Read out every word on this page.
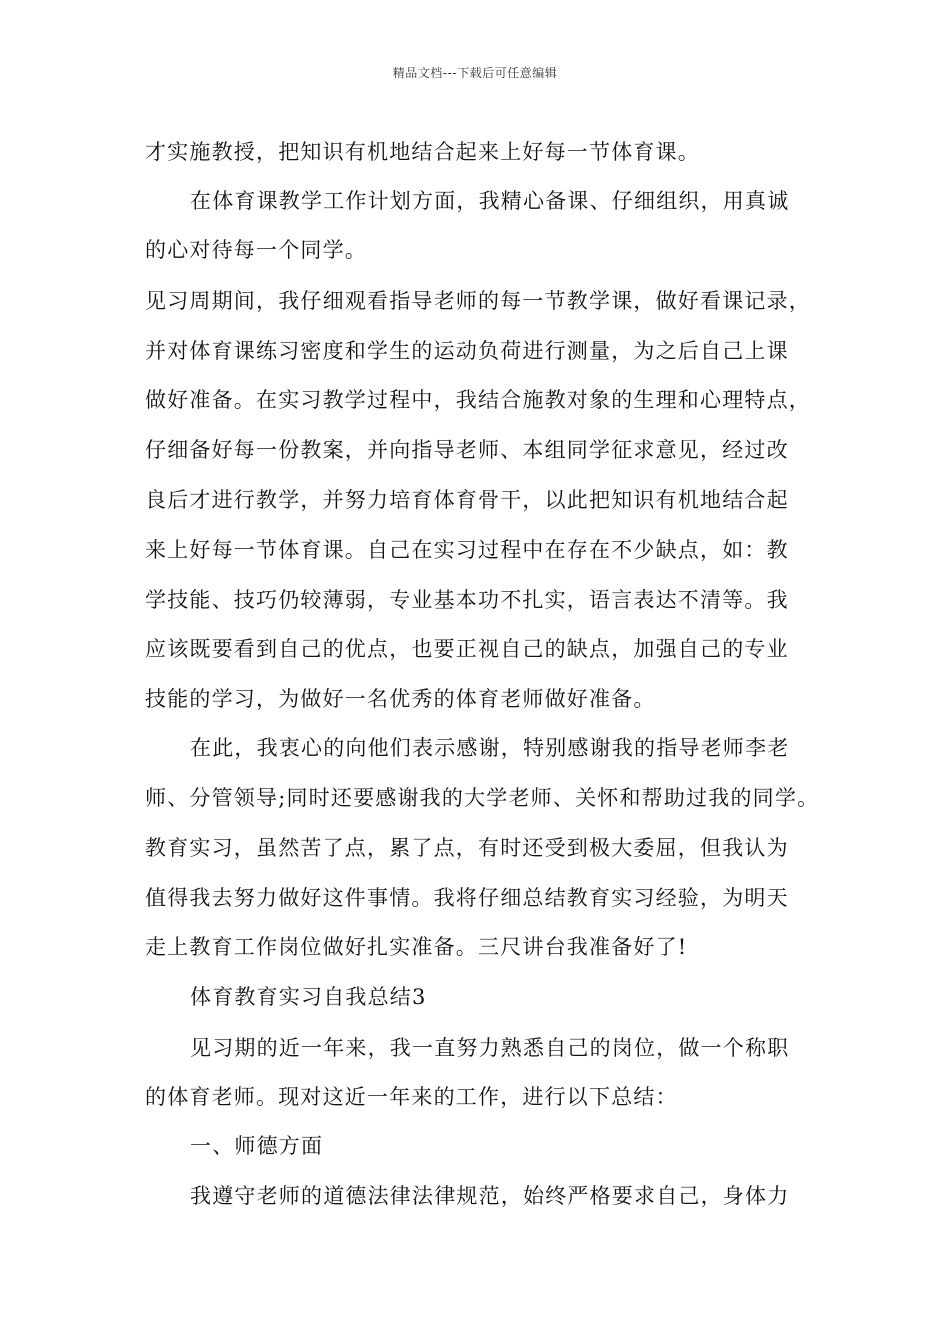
精品文档---下载后可任意编辑
才实施教授，把知识有机地结合起来上好每一节体育课。
在体育课教学工作计划方面，我精心备课、仔细组织，用真诚
的心对待每一个同学。
见习周期间，我仔细观看指导老师的每一节教学课，做好看课记录，
并对体育课练习密度和学生的运动负荷进行测量，为之后自己上课
做好准备。在实习教学过程中，我结合施教对象的生理和心理特点，
仔细备好每一份教案，并向指导老师、本组同学征求意见，经过改
良后才进行教学，并努力培育体育骨干，以此把知识有机地结合起
来上好每一节体育课。自己在实习过程中在存在不少缺点，如：教
学技能、技巧仍较薄弱，专业基本功不扎实，语言表达不清等。我
应该既要看到自己的优点，也要正视自己的缺点，加强自己的专业
技能的学习，为做好一名优秀的体育老师做好准备。
在此，我衷心的向他们表示感谢，特别感谢我的指导老师李老
师、分管领导;同时还要感谢我的大学老师、关怀和帮助过我的同学。
教育实习，虽然苦了点，累了点，有时还受到极大委屈，但我认为
值得我去努力做好这件事情。我将仔细总结教育实习经验，为明天
走上教育工作岗位做好扎实准备。三尺讲台我准备好了!
体育教育实习自我总结3
见习期的近一年来，我一直努力熟悉自己的岗位，做一个称职
的体育老师。现对这近一年来的工作，进行以下总结：
一、师德方面
我遵守老师的道德法律法律规范，始终严格要求自己，身体力
